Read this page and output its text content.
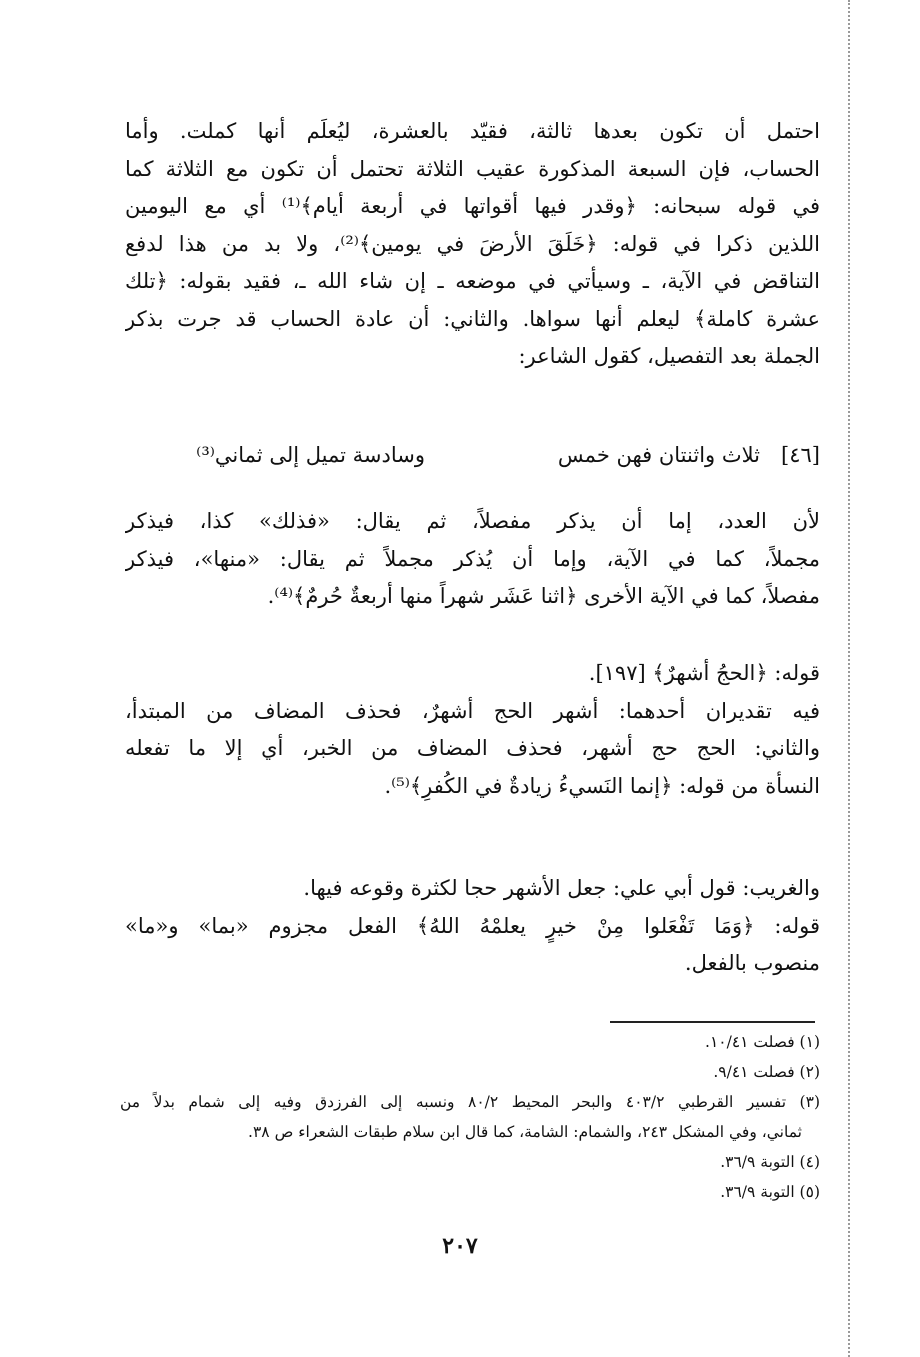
احتمل أن تكون بعدها ثالثة، فقيّد بالعشرة، ليُعلَم أنها كملت. وأما
الحساب، فإن السبعة المذكورة عقيب الثلاثة تحتمل أن تكون مع الثلاثة كما
في قوله سبحانه: ﴿وقدر فيها أقواتها في أربعة أيام﴾⁽¹⁾ أي مع اليومين
اللذين ذكرا في قوله: ﴿خَلَقَ الأرضَ في يومين﴾⁽²⁾، ولا بد من هذا لدفع
التناقض في الآية، ـ وسيأتي في موضعه ـ إن شاء الله ـ، فقيد بقوله: ﴿تلك
عشرة كاملة﴾ ليعلم أنها سواها. والثاني: أن عادة الحساب قد جرت بذكر
الجملة بعد التفصيل، كقول الشاعر:
[٤٦]
ثلاث واثنتان فهن خمس
وسادسة تميل إلى ثماني⁽³⁾
لأن العدد، إما أن يذكر مفصلاً، ثم يقال: «فذلك» كذا، فيذكر
مجملاً، كما في الآية، وإما أن يُذكر مجملاً ثم يقال: «منها»، فيذكر
مفصلاً، كما في الآية الأخرى ﴿اثنا عَشَر شهراً منها أربعةٌ حُرمٌ﴾⁽⁴⁾.
قوله: ﴿الحجُ أشهرٌ﴾ [١٩٧].
فيه تقديران أحدهما: أشهر الحج أشهرٌ، فحذف المضاف من المبتدأ،
والثاني: الحج حج أشهر، فحذف المضاف من الخبر، أي إلا ما تفعله
النسأة من قوله: ﴿إنما النَسيءُ زيادةٌ في الكُفرِ﴾⁽⁵⁾.
والغريب: قول أبي علي: جعل الأشهر حجا لكثرة وقوعه فيها.
قوله: ﴿وَمَا تَفْعَلوا مِنْ خيرٍ يعلمْهُ اللهُ﴾ الفعل مجزوم «بما» و«ما»
منصوب بالفعل.
(١) فصلت ١٠/٤١.
(٢) فصلت ٩/٤١.
(٣) تفسير القرطبي ٤٠٣/٢ والبحر المحيط ٨٠/٢ ونسبه إلى الفرزدق وفيه إلى شمام بدلاً من
ثماني، وفي المشكل ٢٤٣، والشمام: الشامة، كما قال ابن سلام طبقات الشعراء ص ٣٨.
(٤) التوبة ٣٦/٩.
(٥) التوبة ٣٦/٩.
٢٠٧
